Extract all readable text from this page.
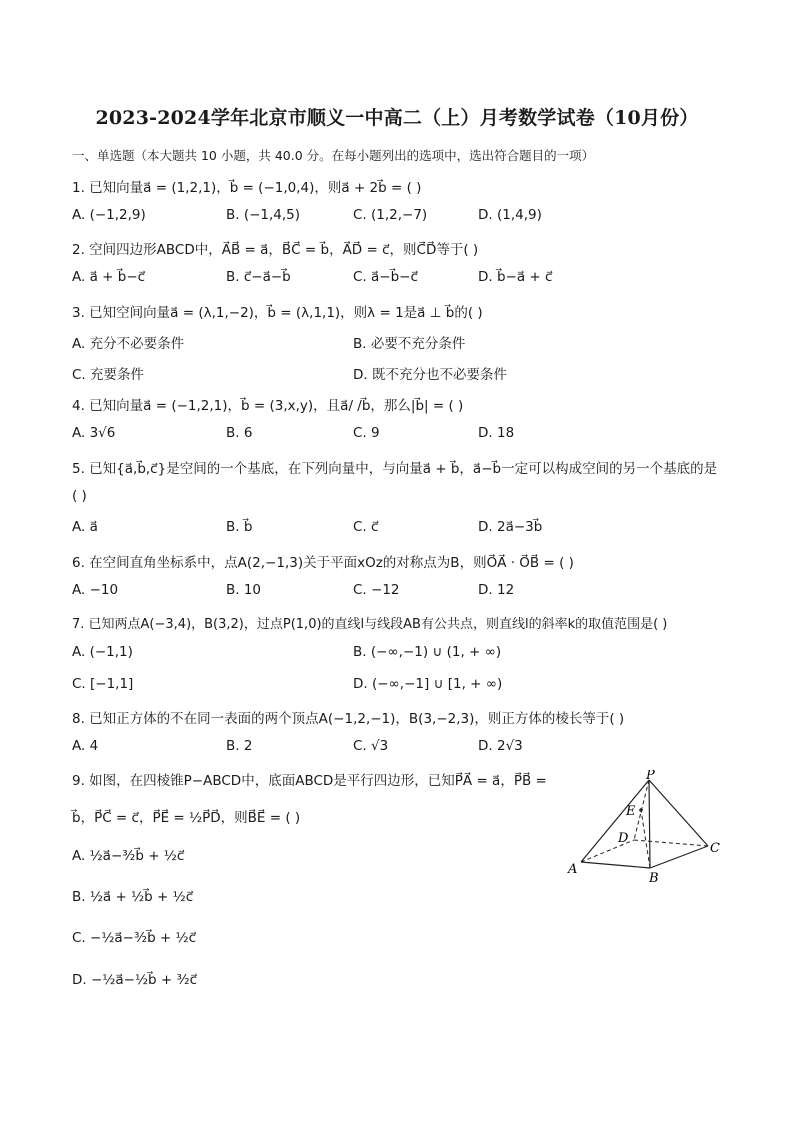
2023-2024学年北京市顺义一中高二（上）月考数学试卷（10月份）
一、单选题（本大题共 10 小题，共 40.0 分。在每小题列出的选项中，选出符合题目的一项）
1. 已知向量a⃗ = (1,2,1)，b⃗ = (−1,0,4)，则a⃗ + 2b⃗ = ( )
A. (−1,2,9)	B. (−1,4,5)	C. (1,2,−7)	D. (1,4,9)
2. 空间四边形ABCD中，A⃗B⃗ = a⃗，B⃗C⃗ = b⃗，A⃗D⃗ = c⃗，则C⃗D⃗等于( )
A. a⃗ + b⃗−c⃗	B. c⃗−a⃗−b⃗	C. a⃗−b⃗−c⃗	D. b⃗−a⃗ + c⃗
3. 已知空间向量a⃗ = (λ,1,−2)，b⃗ = (λ,1,1)，则λ = 1是a⃗ ⊥ b⃗的( )
A. 充分不必要条件	B. 必要不充分条件
C. 充要条件	D. 既不充分也不必要条件
4. 已知向量a⃗ = (−1,2,1)，b⃗ = (3,x,y)，且a⃗/ /b⃗，那么|b⃗| = ( )
A. 3√6	B. 6	C. 9	D. 18
5. 已知{a⃗,b⃗,c⃗}是空间的一个基底，在下列向量中，与向量a⃗ + b⃗，a⃗−b⃗一定可以构成空间的另一个基底的是
( )
A. a⃗	B. b⃗	C. c⃗	D. 2a⃗−3b⃗
6. 在空间直角坐标系中，点A(2,−1,3)关于平面xOz的对称点为B，则O⃗A⃗ · O⃗B⃗ = ( )
A. −10	B. 10	C. −12	D. 12
7. 已知两点A(−3,4)，B(3,2)，过点P(1,0)的直线l与线段AB有公共点，则直线l的斜率k的取值范围是( )
A. (−1,1)	B. (−∞,−1) ∪ (1, + ∞)
C. [−1,1]	D. (−∞,−1] ∪ [1, + ∞)
8. 已知正方体的不在同一表面的两个顶点A(−1,2,−1)，B(3,−2,3)，则正方体的棱长等于( )
A. 4	B. 2	C. √3	D. 2√3
9. 如图，在四棱锥P−ABCD中，底面ABCD是平行四边形，已知P⃗A⃗ = a⃗，P⃗B⃗ =
b⃗，P⃗C⃗ = c⃗，P⃗E⃗ = ½P⃗D⃗，则B⃗E⃗ = ( )
A. ½a⃗−³⁄₂b⃗ + ½c⃗
B. ½a⃗ + ½b⃗ + ½c⃗
C. −½a⃗−³⁄₂b⃗ + ½c⃗
D. −½a⃗−½b⃗ + ³⁄₂c⃗
P
E
D
A
B
C
